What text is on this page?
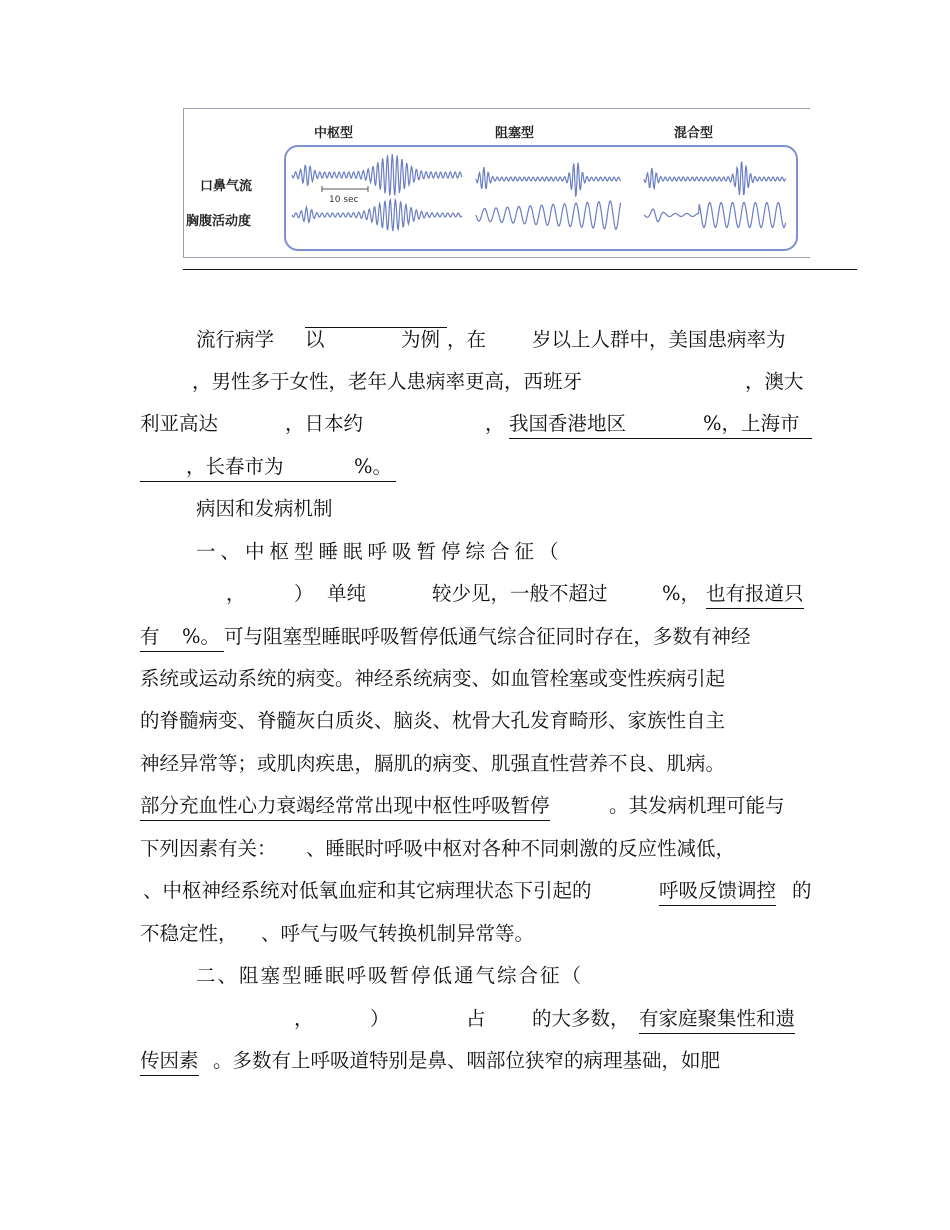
中枢型	阻塞型	混合型
口鼻气流
胸腹活动度
10 sec

流行病学

以	为例

，在

岁以上人群中，美国患病率为

，男性多于女性，老年人患病率更高，西班牙

	，澳大

利亚高达

	，日本约

	，

我国香港地区	%，上海市

，长春市为	%。

病因和发病机制

一、中枢型睡眠呼吸暂停综合征（

，

）

单纯

	较少见，一般不超过

	%，

也有报道只

有 %。

可与阻塞型睡眠呼吸暂停低通气综合征同时存在，多数有神经

系统或运动系统的病变。神经系统病变、如血管栓塞或变性疾病引起

的脊髓病变、脊髓灰白质炎、脑炎、枕骨大孔发育畸形、家族性自主

神经异常等；或肌肉疾患，膈肌的病变、肌强直性营养不良、肌病。

部分充血性心力衰竭经常常出现中枢性呼吸暂停

	。其发病机理可能与

下列因素有关：

、睡眠时呼吸中枢对各种不同刺激的反应性减低，

、中枢神经系统对低氧血症和其它病理状态下引起的

	呼吸反馈调控

的

不稳定性，

、呼气与吸气转换机制异常等。

二、阻塞型睡眠呼吸暂停低通气综合征（

，

	）

	占

的大多数，

有家庭聚集性和遗

传因素

。多数有上呼吸道特别是鼻、咽部位狭窄的病理基础，如肥
